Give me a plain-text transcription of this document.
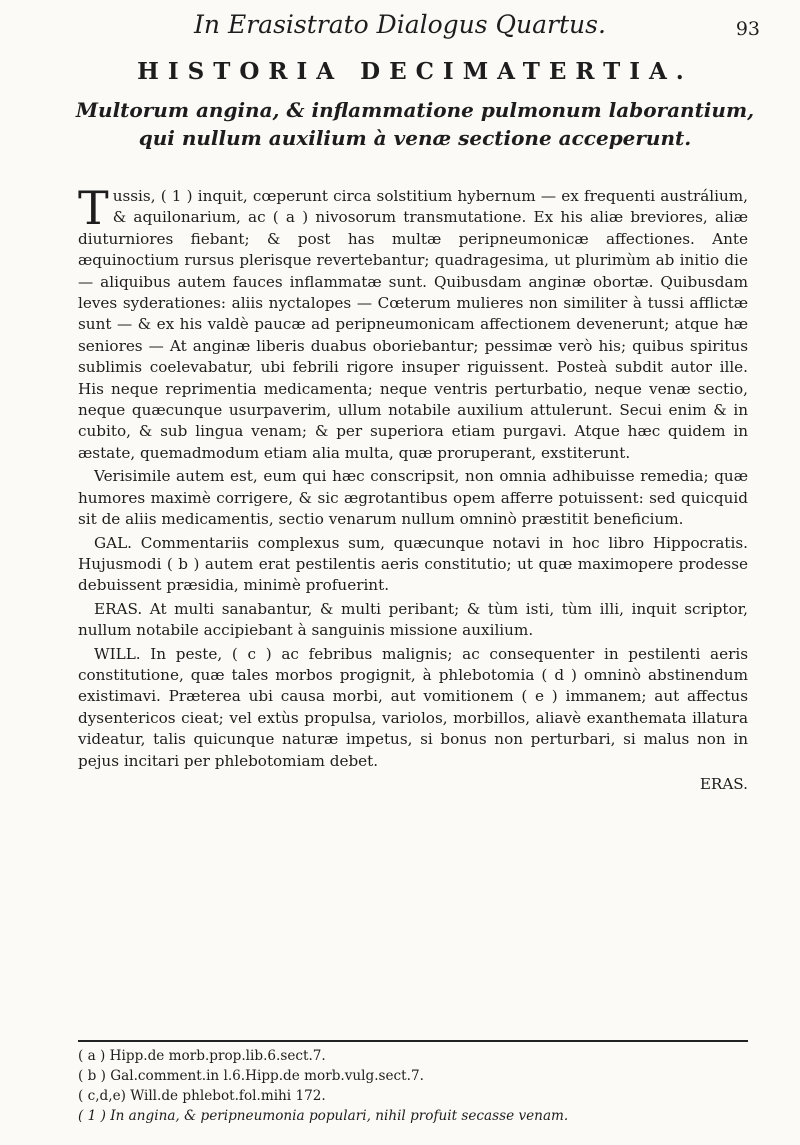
In Erasistrato Dialogus Quartus.	93
HISTORIA DECIMATERTIA.
Multorum angina, & inflammatione pulmonum laborantium, qui nullum auxilium à venæ sectione acceperunt.

Tussis, ( 1 ) inquit, cœperunt circa solstitium hybernum — ex frequenti austrálium, & aquilonarium, ac ( a ) nivosorum transmutatione. Ex his aliæ breviores, aliæ diuturniores fiebant; & post has multæ peripneumonicæ affectiones. Ante æquinoctium rursus plerisque revertebantur; quadragesima, ut plurimùm ab initio die — aliquibus autem fauces inflammatæ sunt. Quibusdam anginæ obortæ. Quibusdam leves syderationes: aliis nyctalopes — Cœterum mulieres non similiter à tussi afflictæ sunt — & ex his valdè paucæ ad peripneumonicam affectionem devenerunt; atque hæ seniores — At anginæ liberis duabus oboriebantur; pessimæ verò his; quibus spiritus sublimis coelevabatur, ubi febrili rigore insuper riguissent. Posteà subdit autor ille. His neque reprimentia medicamenta; neque ventris perturbatio, neque venæ sectio, neque quæcunque usurpaverim, ullum notabile auxilium attulerunt. Secui enim & in cubito, & sub lingua venam; & per superiora etiam purgavi. Atque hæc quidem in æstate, quemadmodum etiam alia multa, quæ proruperant, exstiterunt.

Verisimile autem est, eum qui hæc conscripsit, non omnia adhibuisse remedia; quæ humores maximè corrigere, & sic ægrotantibus opem afferre potuissent: sed quicquid sit de aliis medicamentis, sectio venarum nullum omninò præstitit beneficium.

GAL. Commentariis complexus sum, quæcunque notavi in hoc libro Hippocratis. Hujusmodi ( b ) autem erat pestilentis aeris constitutio; ut quæ maximopere prodesse debuissent præsidia, minimè profuerint.

ERAS. At multi sanabantur, & multi peribant; & tùm isti, tùm illi, inquit scriptor, nullum notabile accipiebant à sanguinis missione auxilium.

WILL. In peste, ( c ) ac febribus malignis; ac consequenter in pestilenti aeris constitutione, quæ tales morbos progignit, à phlebotomia ( d ) omninò abstinendum existimavi. Præterea ubi causa morbi, aut vomitionem ( e ) immanem; aut affectus dysentericos cieat; vel extùs propulsa, variolos, morbillos, aliavè exanthemata illatura videatur, talis quicunque naturæ impetus, si bonus non perturbari, si malus non in pejus incitari per phlebotomiam debet.

ERAS.

( a ) Hipp.de morb.prop.lib.6.sect.7.
( b ) Gal.comment.in l.6.Hipp.de morb.vulg.sect.7.
( c,d,e) Will.de phlebot.fol.mihi 172.
( 1 ) In angina, & peripneumonia populari, nihil profuit secasse venam.
